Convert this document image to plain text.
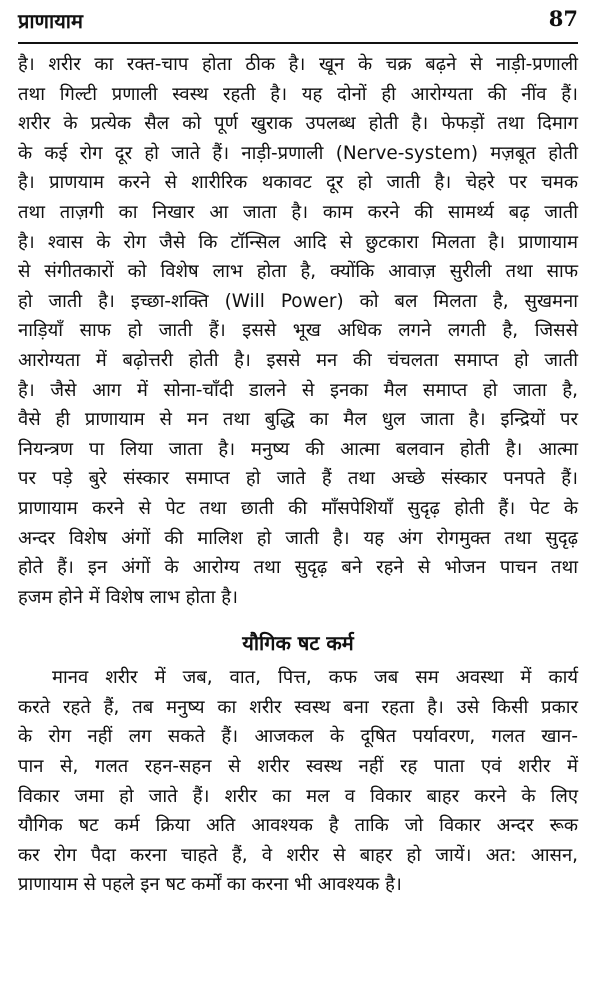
प्राणायाम	87
है। शरीर का रक्त-चाप होता ठीक है। खून के चक्र बढ़ने से नाड़ी-प्रणाली
तथा गिल्टी प्रणाली स्वस्थ रहती है। यह दोनों ही आरोग्यता की नींव हैं।
शरीर के प्रत्येक सैल को पूर्ण खुराक उपलब्ध होती है। फेफड़ों तथा दिमाग
के कई रोग दूर हो जाते हैं। नाड़ी-प्रणाली (Nerve-system) मज़बूत होती
है। प्राणयाम करने से शारीरिक थकावट दूर हो जाती है। चेहरे पर चमक
तथा ताज़गी का निखार आ जाता है। काम करने की सामर्थ्य बढ़ जाती
है। श्वास के रोग जैसे कि टॉन्सिल आदि से छुटकारा मिलता है। प्राणायाम
से संगीतकारों को विशेष लाभ होता है, क्योंकि आवाज़ सुरीली तथा साफ
हो जाती है। इच्छा-शक्ति (Will Power) को बल मिलता है, सुखमना
नाड़ियाँ साफ हो जाती हैं। इससे भूख अधिक लगने लगती है, जिससे
आरोग्यता में बढ़ोत्तरी होती है। इससे मन की चंचलता समाप्त हो जाती
है। जैसे आग में सोना-चाँदी डालने से इनका मैल समाप्त हो जाता है,
वैसे ही प्राणायाम से मन तथा बुद्धि का मैल धुल जाता है। इन्द्रियों पर
नियन्त्रण पा लिया जाता है। मनुष्य की आत्मा बलवान होती है। आत्मा
पर पड़े बुरे संस्कार समाप्त हो जाते हैं तथा अच्छे संस्कार पनपते हैं।
प्राणायाम करने से पेट तथा छाती की माँसपेशियाँ सुदृढ़ होती हैं। पेट के
अन्दर विशेष अंगों की मालिश हो जाती है। यह अंग रोगमुक्त तथा सुदृढ़
होते हैं। इन अंगों के आरोग्य तथा सुदृढ़ बने रहने से भोजन पाचन तथा
हजम होने में विशेष लाभ होता है।
यौगिक षट कर्म
मानव शरीर में जब, वात, पित्त, कफ जब सम अवस्था में कार्य
करते रहते हैं, तब मनुष्य का शरीर स्वस्थ बना रहता है। उसे किसी प्रकार
के रोग नहीं लग सकते हैं। आजकल के दूषित पर्यावरण, गलत खान-
पान से, गलत रहन-सहन से शरीर स्वस्थ नहीं रह पाता एवं शरीर में
विकार जमा हो जाते हैं। शरीर का मल व विकार बाहर करने के लिए
यौगिक षट कर्म क्रिया अति आवश्यक है ताकि जो विकार अन्दर रूक
कर रोग पैदा करना चाहते हैं, वे शरीर से बाहर हो जायें। अत: आसन,
प्राणायाम से पहले इन षट कर्मों का करना भी आवश्यक है।
